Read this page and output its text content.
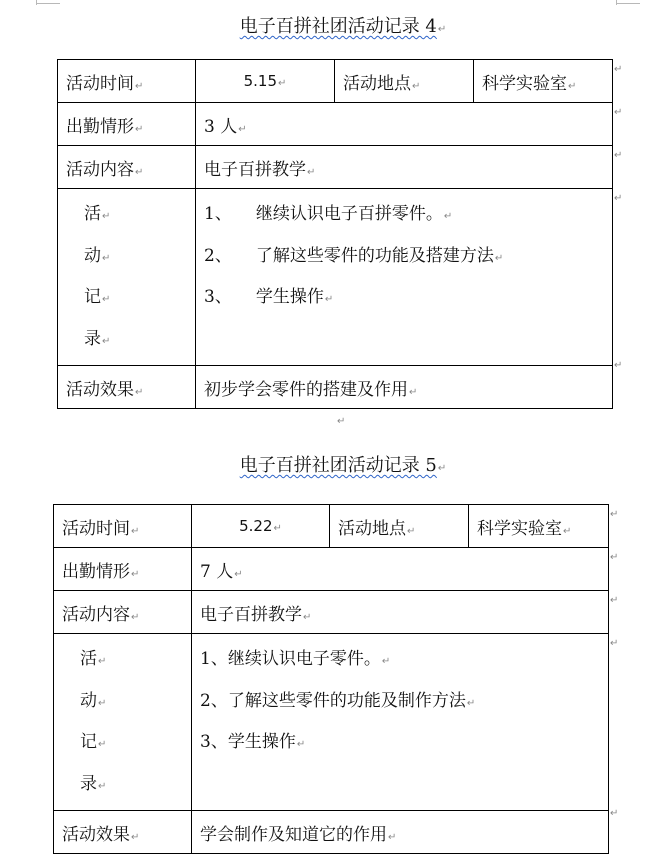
电子百拼社团活动记录 4↵
活动时间↵	5.15↵	活动地点↵	科学实验室↵
出勤情形↵	3 人↵		
活动内容↵	电子百拼教学↵		

活↵
动↵
记↵
录↵	1、 继续认识电子百拼零件。↵
2、 了解这些零件的功能及搭建方法↵
3、 学生操作↵		

活动效果↵	初步学会零件的搭建及作用↵		
↵
↵
↵
↵
↵
↵
电子百拼社团活动记录 5↵
活动时间↵	5.22↵	活动地点↵	科学实验室↵
出勤情形↵	7 人↵		
活动内容↵	电子百拼教学↵		

活↵
动↵
记↵
录↵	1、继续认识电子零件。↵
2、了解这些零件的功能及制作方法↵
3、学生操作↵		

活动效果↵	学会制作及知道它的作用↵		
↵
↵
↵
↵
↵
